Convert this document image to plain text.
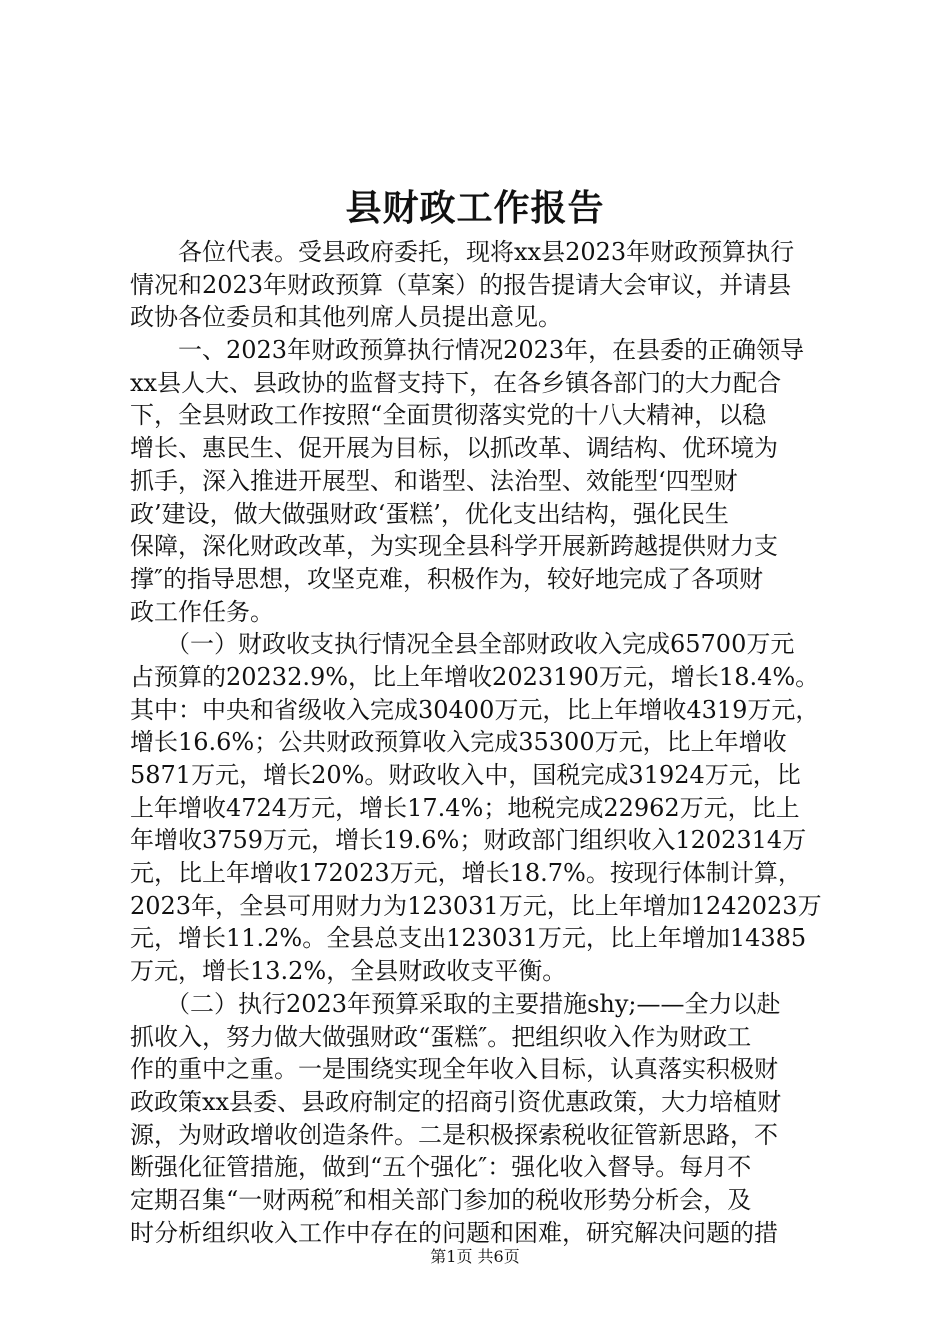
县财政工作报告
　　各位代表。受县政府委托，现将xx县2023年财政预算执行
情况和2023年财政预算（草案）的报告提请大会审议，并请县
政协各位委员和其他列席人员提出意见。
　　一、2023年财政预算执行情况2023年，在县委的正确领导
xx县人大、县政协的监督支持下，在各乡镇各部门的大力配合
下，全县财政工作按照“全面贯彻落实党的十八大精神，以稳
增长、惠民生、促开展为目标，以抓改革、调结构、优环境为
抓手，深入推进开展型、和谐型、法治型、效能型‘四型财
政’建设，做大做强财政‘蛋糕’，优化支出结构，强化民生
保障，深化财政改革，为实现全县科学开展新跨越提供财力支
撑″的指导思想，攻坚克难，积极作为，较好地完成了各项财
政工作任务。
　　（一）财政收支执行情况全县全部财政收入完成65700万元
占预算的20232.9%，比上年增收2023190万元，增长18.4%。
其中：中央和省级收入完成30400万元，比上年增收4319万元，
增长16.6%；公共财政预算收入完成35300万元，比上年增收
5871万元，增长20%。财政收入中，国税完成31924万元，比
上年增收4724万元，增长17.4%；地税完成22962万元，比上
年增收3759万元，增长19.6%；财政部门组织收入1202314万
元，比上年增收172023万元，增长18.7%。按现行体制计算，
2023年，全县可用财力为123031万元，比上年增加1242023万
元，增长11.2%。全县总支出123031万元，比上年增加14385
万元，增长13.2%，全县财政收支平衡。
　　（二）执行2023年预算采取的主要措施shy;——全力以赴
抓收入，努力做大做强财政“蛋糕″。把组织收入作为财政工
作的重中之重。一是围绕实现全年收入目标，认真落实积极财
政政策xx县委、县政府制定的招商引资优惠政策，大力培植财
源，为财政增收创造条件。二是积极探索税收征管新思路，不
断强化征管措施，做到“五个强化″：强化收入督导。每月不
定期召集“一财两税″和相关部门参加的税收形势分析会，及
时分析组织收入工作中存在的问题和困难，研究解决问题的措
第1页 共6页
